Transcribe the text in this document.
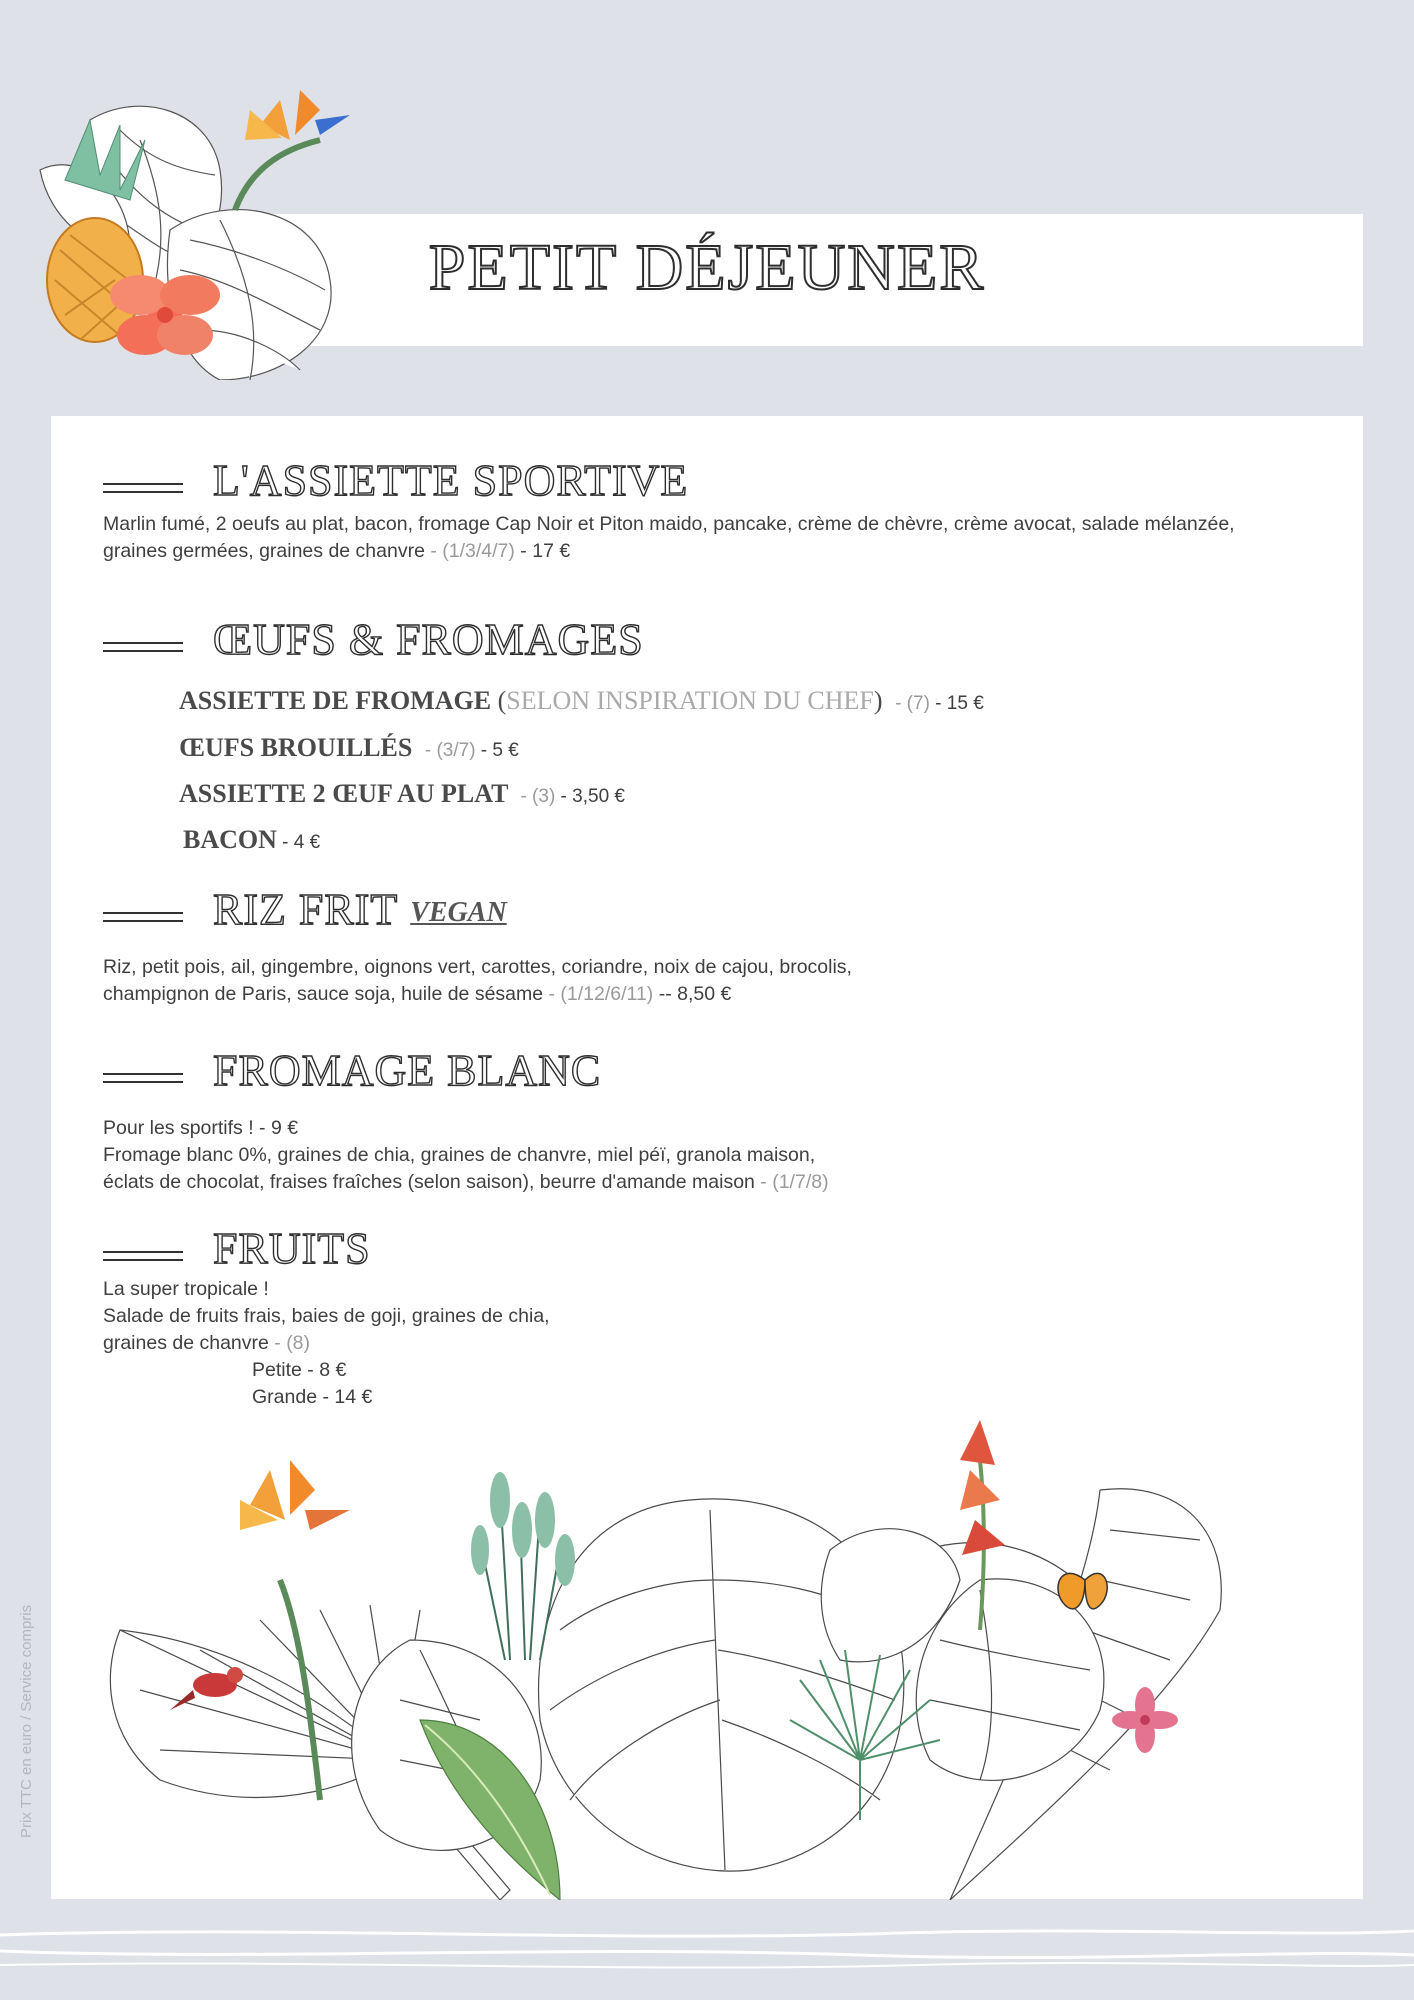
PETIT DÉJEUNER
L'ASSIETTE SPORTIVE
Marlin fumé, 2 oeufs au plat, bacon, fromage Cap Noir et Piton maido, pancake, crème de chèvre, crème avocat, salade mélanzée,
graines germées, graines de chanvre - (1/3/4/7) - 17 €
ŒUFS & FROMAGES
ASSIETTE DE FROMAGE (SELON INSPIRATION DU CHEF) - (7) - 15 €
ŒUFS BROUILLÉS - (3/7) - 5 €
ASSIETTE 2 ŒUF AU PLAT - (3) - 3,50 €
BACON - 4 €
RIZ FRIT VEGAN
Riz, petit pois, ail, gingembre, oignons vert, carottes, coriandre, noix de cajou, brocolis,
champignon de Paris, sauce soja, huile de sésame - (1/12/6/11) -- 8,50 €
FROMAGE BLANC
Pour les sportifs ! - 9 €
Fromage blanc 0%, graines de chia, graines de chanvre, miel péï, granola maison,
éclats de chocolat, fraises fraîches (selon saison), beurre d'amande maison - (1/7/8)
FRUITS
La super tropicale !
Salade de fruits frais, baies de goji, graines de chia,
graines de chanvre - (8)
Petite - 8 €
Grande - 14 €
Prix TTC en euro / Service compris
